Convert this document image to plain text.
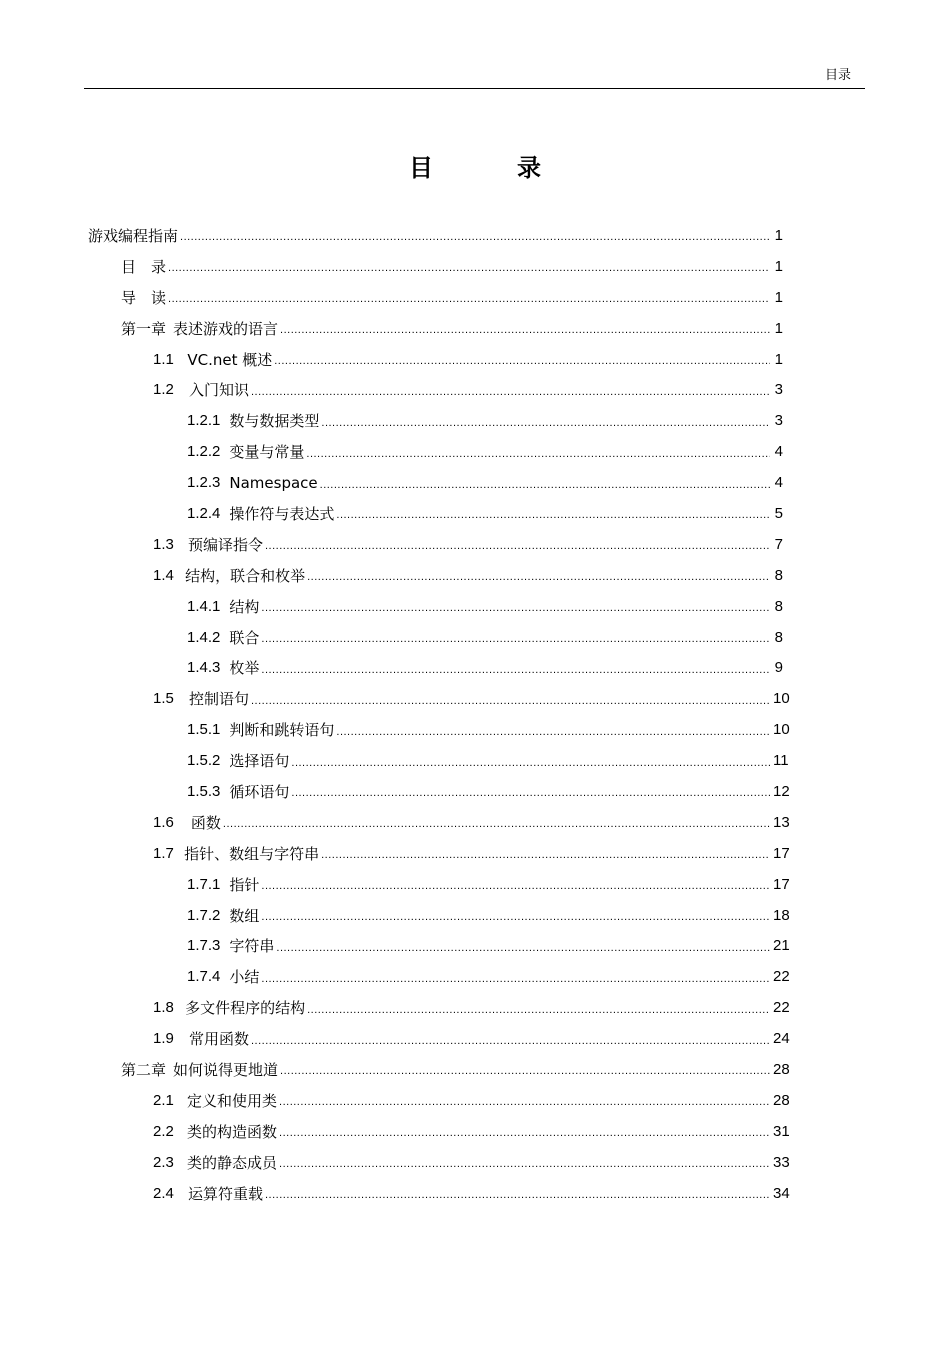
目录
目　录
游戏编程指南 .....	1
目　录 .....	1
导　读 .....	1
第一章 表述游戏的语言 .....	1
1.1 VC.net 概述 .....	1
1.2	入门知识 .....	3
1.2.1 数与数据类型 .....	3
1.2.2 变量与常量 .....	4
1.2.3 Namespace .....	4
1.2.4 操作符与表达式 .....	5
1.3 预编译指令 .....	7
1.4 结构，联合和枚举 .....	8
1.4.1 结构 .....	8
1.4.2 联合 .....	8
1.4.3 枚举 .....	9
1.5	控制语句 .....	10
1.5.1 判断和跳转语句 .....	10
1.5.2 选择语句 .....	11
1.5.3 循环语句 .....	12
1.6	函数 .....	13
1.7 指针、数组与字符串 .....	17
1.7.1 指针 .....	17
1.7.2 数组 .....	18
1.7.3 字符串 .....	21
1.7.4 小结 .....	22
1.8 多文件程序的结构 .....	22
1.9	常用函数 .....	24
第二章 如何说得更地道 .....	28
2.1 定义和使用类 .....	28
2.2 类的构造函数 .....	31
2.3 类的静态成员 .....	33
2.4 运算符重载 .....	34
